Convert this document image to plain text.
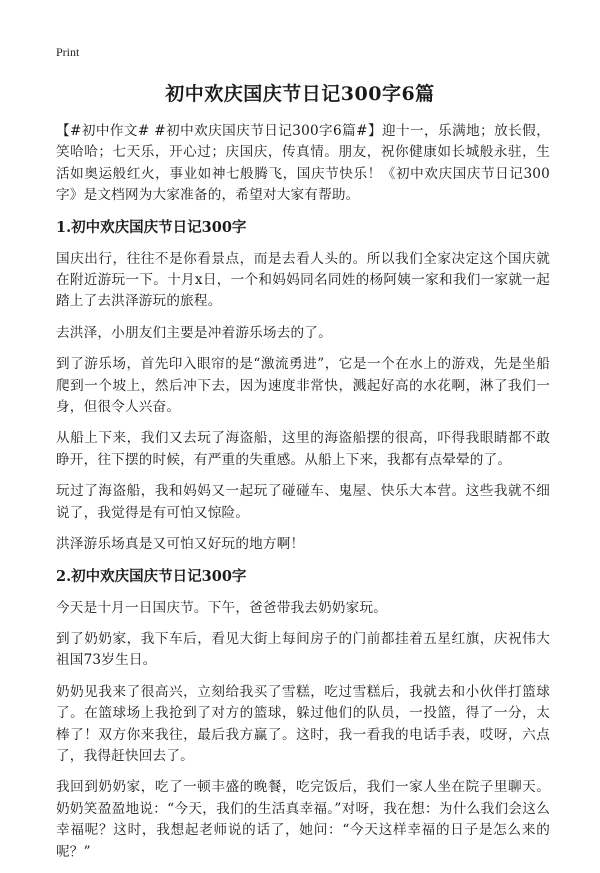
Print
初中欢庆国庆节日记300字6篇

【#初中作文# #初中欢庆国庆节日记300字6篇#】迎十一，乐满地；放长假，笑哈哈；七天乐，开心过；庆国庆，传真情。朋友，祝你健康如长城般永驻，生活如奥运般红火，事业如神七般腾飞，国庆节快乐！《初中欢庆国庆节日记300字》是文档网为大家准备的，希望对大家有帮助。

1.初中欢庆国庆节日记300字

国庆出行，往往不是你看景点，而是去看人头的。所以我们全家决定这个国庆就在附近游玩一下。十月x日，一个和妈妈同名同姓的杨阿姨一家和我们一家就一起踏上了去洪泽游玩的旅程。

去洪泽，小朋友们主要是冲着游乐场去的了。

到了游乐场，首先印入眼帘的是“激流勇进”，它是一个在水上的游戏，先是坐船爬到一个坡上，然后冲下去，因为速度非常快，溅起好高的水花啊，淋了我们一身，但很令人兴奋。

从船上下来，我们又去玩了海盗船，这里的海盗船摆的很高，吓得我眼睛都不敢睁开，往下摆的时候，有严重的失重感。从船上下来，我都有点晕晕的了。

玩过了海盗船，我和妈妈又一起玩了碰碰车、鬼屋、快乐大本营。这些我就不细说了，我觉得是有可怕又惊险。

洪泽游乐场真是又可怕又好玩的地方啊！

2.初中欢庆国庆节日记300字

今天是十月一日国庆节。下午，爸爸带我去奶奶家玩。

到了奶奶家，我下车后，看见大街上每间房子的门前都挂着五星红旗，庆祝伟大祖国73岁生日。

奶奶见我来了很高兴，立刻给我买了雪糕，吃过雪糕后，我就去和小伙伴打篮球了。在篮球场上我抢到了对方的篮球，躲过他们的队员，一投篮，得了一分，太棒了！双方你来我往，最后我方赢了。这时，我一看我的电话手表，哎呀，六点了，我得赶快回去了。

我回到奶奶家，吃了一顿丰盛的晚餐，吃完饭后，我们一家人坐在院子里聊天。奶奶笑盈盈地说：“今天，我们的生活真幸福。”对呀，我在想：为什么我们会这么幸福呢？这时，我想起老师说的话了，她问：“今天这样幸福的日子是怎么来的呢？”
